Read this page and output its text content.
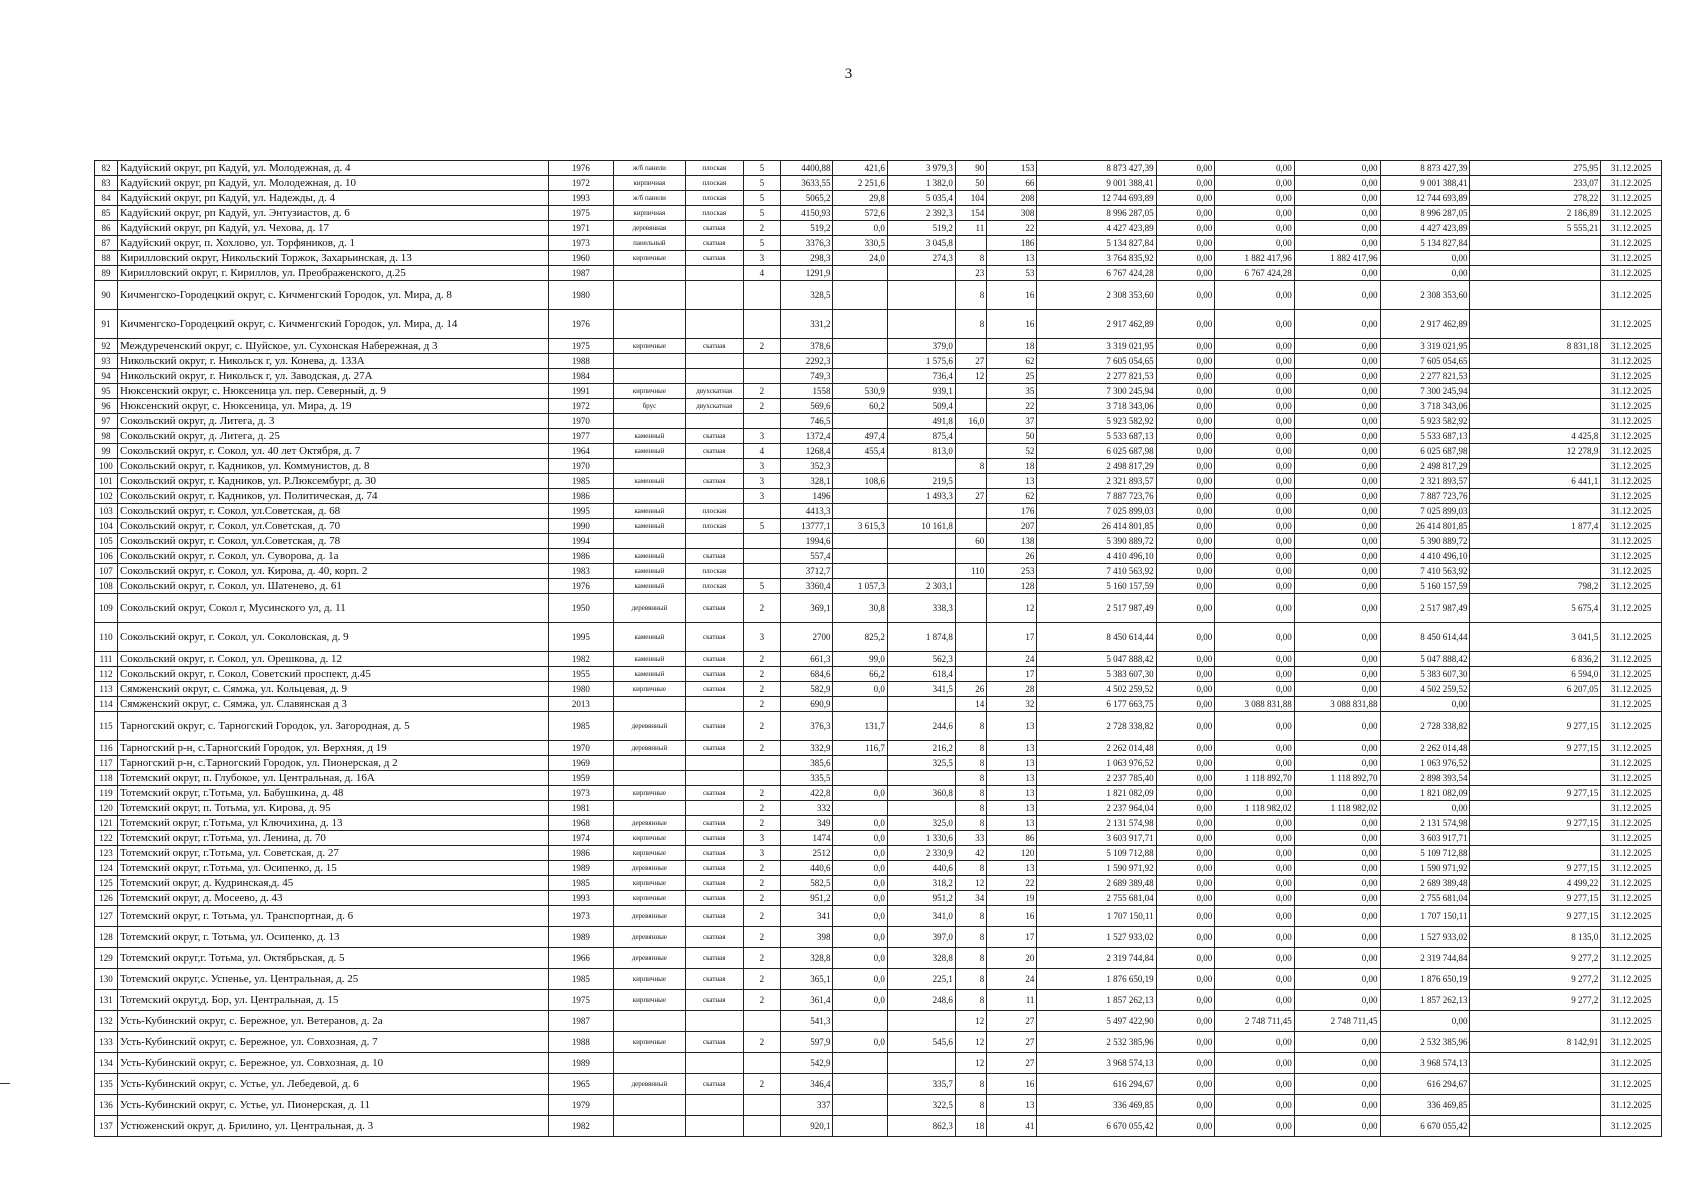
3
82	Кадуйский округ, рп Кадуй, ул. Молодежная, д. 4	1976	ж/б панели	плоская	5	4400,88	421,6	3 979,3	90	153	8 873 427,39	0,00	0,00	0,00	8 873 427,39	275,95	31.12.2025
83	Кадуйский округ, рп Кадуй, ул. Молодежная, д. 10	1972	кирпичная	плоская	5	3633,55	2 251,6	1 382,0	50	66	9 001 388,41	0,00	0,00	0,00	9 001 388,41	233,07	31.12.2025
84	Кадуйский округ, рп Кадуй, ул. Надежды, д. 4	1993	ж/б панели	плоская	5	5065,2	29,8	5 035,4	104	208	12 744 693,89	0,00	0,00	0,00	12 744 693,89	278,22	31.12.2025
85	Кадуйский округ, рп Кадуй, ул. Энтузиастов, д. 6	1975	кирпичная	плоская	5	4150,93	572,6	2 392,3	154	308	8 996 287,05	0,00	0,00	0,00	8 996 287,05	2 186,89	31.12.2025
86	Кадуйский округ, рп Кадуй, ул. Чехова, д. 17	1971	деревянная	скатная	2	519,2	0,0	519,2	11	22	4 427 423,89	0,00	0,00	0,00	4 427 423,89	5 555,21	31.12.2025
87	Кадуйский округ, п. Хохлово, ул. Торфяников, д. 1	1973	панельный	скатная	5	3376,3	330,5	3 045,8		186	5 134 827,84	0,00	0,00	0,00	5 134 827,84		31.12.2025
88	Кирилловский округ, Никольский Торжок, Захарьинская, д. 13	1960	кирпичные	скатная	3	298,3	24,0	274,3	8	13	3 764 835,92	0,00	1 882 417,96	1 882 417,96	0,00		31.12.2025
89	Кирилловский округ, г. Кириллов, ул. Преображенского, д.25	1987			4	1291,9			23	53	6 767 424,28	0,00	6 767 424,28	0,00	0,00		31.12.2025
90	Кичменгско-Городецкий округ, с. Кичменгский Городок, ул. Мира, д. 8	1980				328,5			8	16	2 308 353,60	0,00	0,00	0,00	2 308 353,60		31.12.2025
91	Кичменгско-Городецкий округ, с. Кичменгский Городок, ул. Мира, д. 14	1976				331,2			8	16	2 917 462,89	0,00	0,00	0,00	2 917 462,89		31.12.2025
92	Междуреченский округ, с. Шуйское, ул. Сухонская Набережная, д 3	1975	кирпичные	скатная	2	378,6		379,0		18	3 319 021,95	0,00	0,00	0,00	3 319 021,95	8 831,18	31.12.2025
93	Никольский округ, г. Никольск г, ул. Конева, д. 133А	1988				2292,3		1 575,6	27	62	7 605 054,65	0,00	0,00	0,00	7 605 054,65		31.12.2025
94	Никольский округ, г. Никольск г, ул. Заводская, д. 27А	1984				749,3		736,4	12	25	2 277 821,53	0,00	0,00	0,00	2 277 821,53		31.12.2025
95	Нюксенский округ, с. Нюксеница ул. пер. Северный, д. 9	1991	кирпичные	двухскатная	2	1558	530,9	939,1		35	7 300 245,94	0,00	0,00	0,00	7 300 245,94		31.12.2025
96	Нюксенский округ, с. Нюксеница, ул. Мира, д. 19	1972	брус	двухскатная	2	569,6	60,2	509,4		22	3 718 343,06	0,00	0,00	0,00	3 718 343,06		31.12.2025
97	Сокольский округ, д. Литега, д. 3	1970				746,5		491,8	16,0	37	5 923 582,92	0,00	0,00	0,00	5 923 582,92		31.12.2025
98	Сокольский округ, д. Литега, д. 25	1977	каменный	скатная	3	1372,4	497,4	875,4		50	5 533 687,13	0,00	0,00	0,00	5 533 687,13	4 425,8	31.12.2025
99	Сокольский округ, г. Сокол, ул. 40 лет Октября, д. 7	1964	каменный	скатная	4	1268,4	455,4	813,0		52	6 025 687,98	0,00	0,00	0,00	6 025 687,98	12 278,9	31.12.2025
100	Сокольский округ, г. Кадников, ул. Коммунистов, д. 8	1970			3	352,3			8	18	2 498 817,29	0,00	0,00	0,00	2 498 817,29		31.12.2025
101	Сокольский округ, г. Кадников, ул. Р.Люксембург, д. 30	1985	каменный	скатная	3	328,1	108,6	219,5		13	2 321 893,57	0,00	0,00	0,00	2 321 893,57	6 441,1	31.12.2025
102	Сокольский округ, г. Кадников, ул. Политическая, д. 74	1986			3	1496		1 493,3	27	62	7 887 723,76	0,00	0,00	0,00	7 887 723,76		31.12.2025
103	Сокольский округ, г. Сокол, ул.Советская, д. 68	1995	каменный	плоская		4413,3				176	7 025 899,03	0,00	0,00	0,00	7 025 899,03		31.12.2025
104	Сокольский округ, г. Сокол, ул.Советская, д. 70	1990	каменный	плоская	5	13777,1	3 615,3	10 161,8		207	26 414 801,85	0,00	0,00	0,00	26 414 801,85	1 877,4	31.12.2025
105	Сокольский округ, г. Сокол, ул.Советская, д. 78	1994				1994,6			60	138	5 390 889,72	0,00	0,00	0,00	5 390 889,72		31.12.2025
106	Сокольский округ, г. Сокол, ул. Суворова, д. 1а	1986	каменный	скатная		557,4				26	4 410 496,10	0,00	0,00	0,00	4 410 496,10		31.12.2025
107	Сокольский округ, г. Сокол, ул. Кирова, д. 40, корп. 2	1983	каменный	плоская		3712,7			110	253	7 410 563,92	0,00	0,00	0,00	7 410 563,92		31.12.2025
108	Сокольский округ, г. Сокол, ул. Шатенево, д. 61	1976	каменный	плоская	5	3360,4	1 057,3	2 303,1		128	5 160 157,59	0,00	0,00	0,00	5 160 157,59	798,2	31.12.2025
109	Сокольский округ, Сокол г, Мусинского ул, д. 11	1950	деревянный	скатная	2	369,1	30,8	338,3		12	2 517 987,49	0,00	0,00	0,00	2 517 987,49	5 675,4	31.12.2025
110	Сокольский округ, г. Сокол, ул. Соколовская, д. 9	1995	каменный	скатная	3	2700	825,2	1 874,8		17	8 450 614,44	0,00	0,00	0,00	8 450 614,44	3 041,5	31.12.2025
111	Сокольский округ, г. Сокол, ул. Орешкова, д. 12	1982	каменный	скатная	2	661,3	99,0	562,3		24	5 047 888,42	0,00	0,00	0,00	5 047 888,42	6 836,2	31.12.2025
112	Сокольский округ, г. Сокол, Советский проспект, д.45	1955	каменный	скатная	2	684,6	66,2	618,4		17	5 383 607,30	0,00	0,00	0,00	5 383 607,30	6 594,0	31.12.2025
113	Сямженский округ, с. Сямжа, ул. Кольцевая, д. 9	1980	кирпичные	скатная	2	582,9	0,0	341,5	26	28	4 502 259,52	0,00	0,00	0,00	4 502 259,52	6 207,05	31.12.2025
114	Сямженский округ, с. Сямжа, ул. Славянская д 3	2013			2	690,9			14	32	6 177 663,75	0,00	3 088 831,88	3 088 831,88	0,00		31.12.2025
115	Тарногский округ, с. Тарногский Городок, ул. Загородная, д. 5	1985	деревянный	скатная	2	376,3	131,7	244,6	8	13	2 728 338,82	0,00	0,00	0,00	2 728 338,82	9 277,15	31.12.2025
116	Тарногский р-н, с.Тарногский Городок, ул. Верхняя, д 19	1970	деревянный	скатная	2	332,9	116,7	216,2	8	13	2 262 014,48	0,00	0,00	0,00	2 262 014,48	9 277,15	31.12.2025
117	Тарногский р-н, с.Тарногский Городок, ул. Пионерская, д 2	1969				385,6		325,5	8	13	1 063 976,52	0,00	0,00	0,00	1 063 976,52		31.12.2025
118	Тотемский округ, п. Глубокое, ул. Центральная, д. 16А	1959				335,5			8	13	2 237 785,40	0,00	1 118 892,70	1 118 892,70	2 898 393,54		31.12.2025
119	Тотемский округ, г.Тотьма, ул. Бабушкина, д. 48	1973	кирпичные	скатная	2	422,8	0,0	360,8	8	13	1 821 082,09	0,00	0,00	0,00	1 821 082,09	9 277,15	31.12.2025
120	Тотемский округ, п. Тотьма, ул. Кирова, д. 95	1981			2	332			8	13	2 237 964,04	0,00	1 118 982,02	1 118 982,02	0,00		31.12.2025
121	Тотемский округ, г.Тотьма, ул Ключихина, д. 13	1968	деревянные	скатная	2	349	0,0	325,0	8	13	2 131 574,98	0,00	0,00	0,00	2 131 574,98	9 277,15	31.12.2025
122	Тотемский округ, г.Тотьма, ул. Ленина, д. 70	1974	кирпичные	скатная	3	1474	0,0	1 330,6	33	86	3 603 917,71	0,00	0,00	0,00	3 603 917,71		31.12.2025
123	Тотемский округ, г.Тотьма, ул. Советская, д. 27	1986	кирпичные	скатная	3	2512	0,0	2 330,9	42	120	5 109 712,88	0,00	0,00	0,00	5 109 712,88		31.12.2025
124	Тотемский округ, г.Тотьма, ул. Осипенко, д. 15	1989	деревянные	скатная	2	440,6	0,0	440,6	8	13	1 590 971,92	0,00	0,00	0,00	1 590 971,92	9 277,15	31.12.2025
125	Тотемский округ, д. Кудринская,д. 45	1985	кирпичные	скатная	2	582,5	0,0	318,2	12	22	2 689 389,48	0,00	0,00	0,00	2 689 389,48	4 499,22	31.12.2025
126	Тотемский округ, д. Мосеево, д. 43	1993	кирпичные	скатная	2	951,2	0,0	951,2	34	19	2 755 681,04	0,00	0,00	0,00	2 755 681,04	9 277,15	31.12.2025
127	Тотемский округ, г. Тотьма, ул. Транспортная, д. 6	1973	деревянные	скатная	2	341	0,0	341,0	8	16	1 707 150,11	0,00	0,00	0,00	1 707 150,11	9 277,15	31.12.2025
128	Тотемский округ, г. Тотьма, ул. Осипенко, д. 13	1989	деревянные	скатная	2	398	0,0	397,0	8	17	1 527 933,02	0,00	0,00	0,00	1 527 933,02	8 135,0	31.12.2025
129	Тотемский округ,г. Тотьма, ул. Октябрьская, д. 5	1966	деревянные	скатная	2	328,8	0,0	328,8	8	20	2 319 744,84	0,00	0,00	0,00	2 319 744,84	9 277,2	31.12.2025
130	Тотемский округ,с. Успенье, ул. Центральная, д. 25	1985	кирпичные	скатная	2	365,1	0,0	225,1	8	24	1 876 650,19	0,00	0,00	0,00	1 876 650,19	9 277,2	31.12.2025
131	Тотемский округ,д. Бор, ул. Центральная, д. 15	1975	кирпичные	скатная	2	361,4	0,0	248,6	8	11	1 857 262,13	0,00	0,00	0,00	1 857 262,13	9 277,2	31.12.2025
132	Усть-Кубинский округ, с. Бережное, ул. Ветеранов, д. 2а	1987				541,3			12	27	5 497 422,90	0,00	2 748 711,45	2 748 711,45	0,00		31.12.2025
133	Усть-Кубинский округ, с. Бережное, ул. Совхозная, д. 7	1988	кирпичные	скатная	2	597,9	0,0	545,6	12	27	2 532 385,96	0,00	0,00	0,00	2 532 385,96	8 142,91	31.12.2025
134	Усть-Кубинский округ, с. Бережное, ул. Совхозная, д. 10	1989				542,9			12	27	3 968 574,13	0,00	0,00	0,00	3 968 574,13		31.12.2025
135	Усть-Кубинский округ, с. Устье, ул. Лебедевой, д. 6	1965	деревянный	скатная	2	346,4		335,7	8	16	616 294,67	0,00	0,00	0,00	616 294,67		31.12.2025
136	Усть-Кубинский округ, с. Устье, ул. Пионерская, д. 11	1979				337		322,5	8	13	336 469,85	0,00	0,00	0,00	336 469,85		31.12.2025
137	Устюженский округ, д. Брилино, ул. Центральная, д. 3	1982				920,1		862,3	18	41	6 670 055,42	0,00	0,00	0,00	6 670 055,42		31.12.2025
